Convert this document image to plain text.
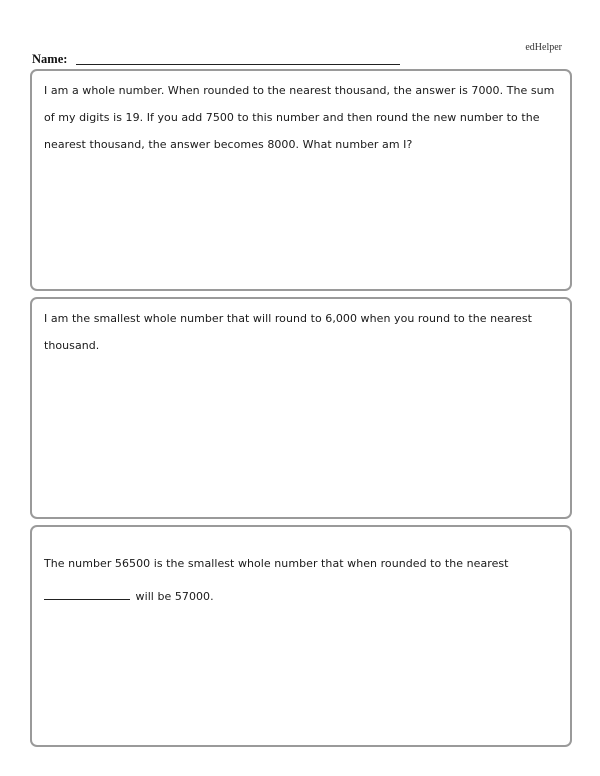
edHelper
Name:

I am a whole number. When rounded to the nearest thousand, the answer is 7000. The sum of my digits is 19. If you add 7500 to this number and then round the new number to the nearest thousand, the answer becomes 8000. What number am I?

I am the smallest whole number that will round to 6,000 when you round to the nearest thousand.

The number 56500 is the smallest whole number that when rounded to the nearest
will be 57000.
